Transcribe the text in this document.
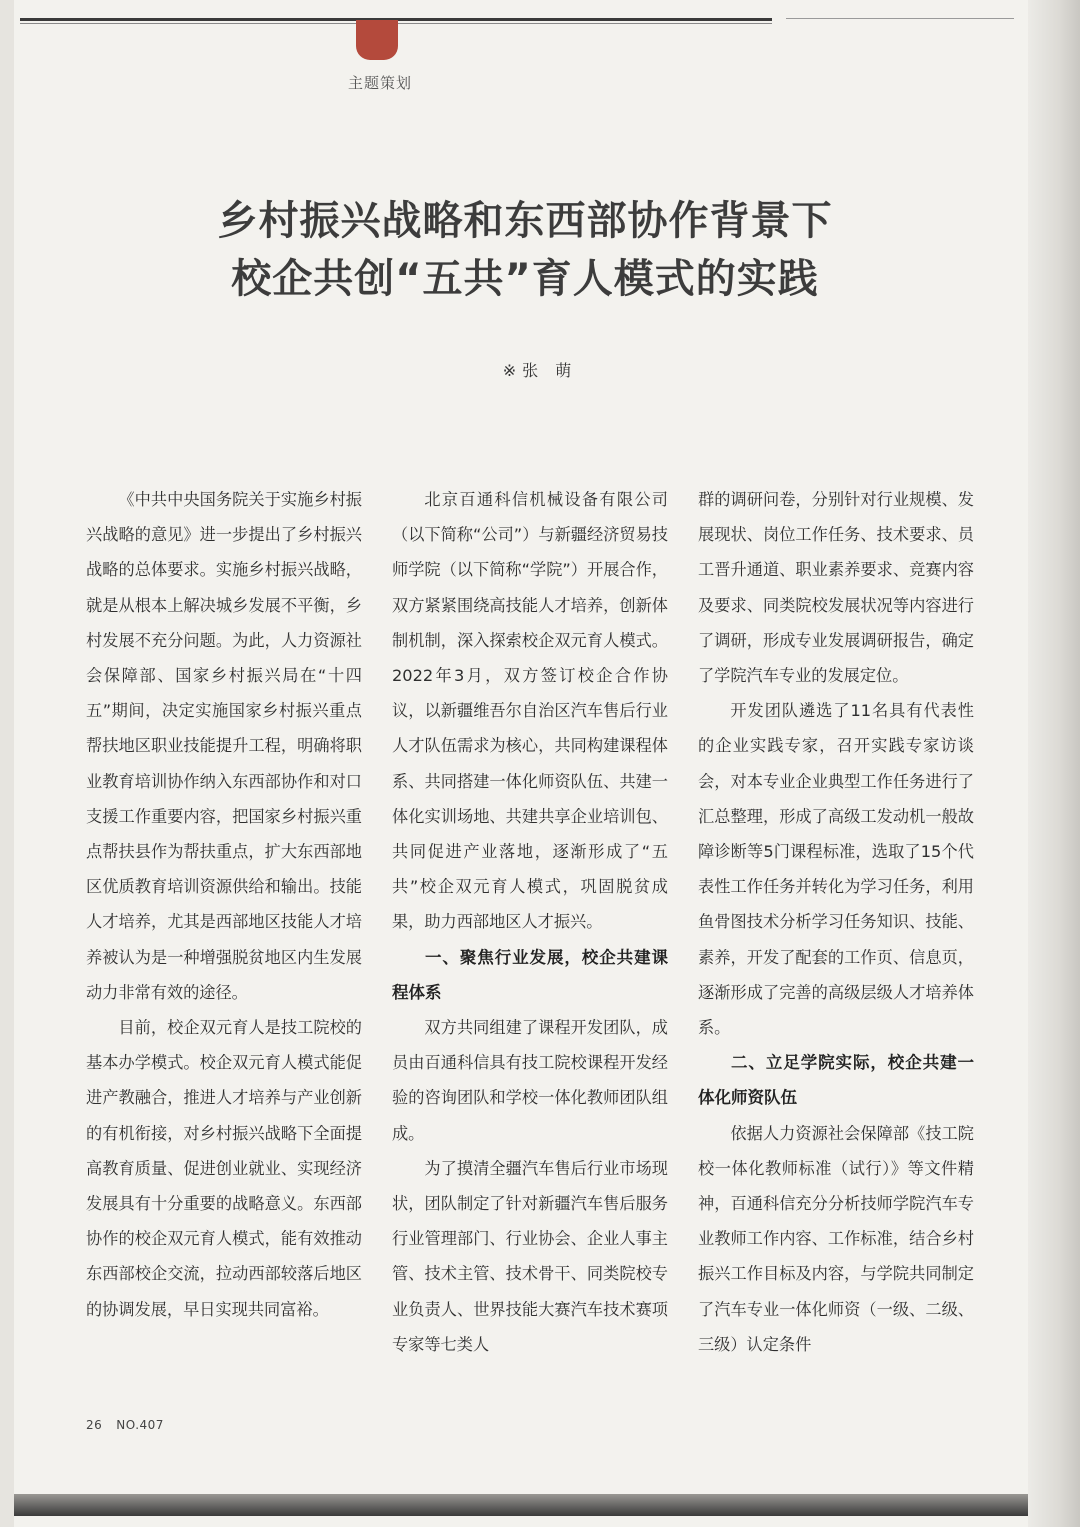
主题策划
乡村振兴战略和东西部协作背景下
校企共创“五共”育人模式的实践
※张 萌

《中共中央国务院关于实施乡村振兴战略的意见》进一步提出了乡村振兴战略的总体要求。实施乡村振兴战略，就是从根本上解决城乡发展不平衡，乡村发展不充分问题。为此，人力资源社会保障部、国家乡村振兴局在“十四五”期间，决定实施国家乡村振兴重点帮扶地区职业技能提升工程，明确将职业教育培训协作纳入东西部协作和对口支援工作重要内容，把国家乡村振兴重点帮扶县作为帮扶重点，扩大东西部地区优质教育培训资源供给和输出。技能人才培养，尤其是西部地区技能人才培养被认为是一种增强脱贫地区内生发展动力非常有效的途径。

目前，校企双元育人是技工院校的基本办学模式。校企双元育人模式能促进产教融合，推进人才培养与产业创新的有机衔接，对乡村振兴战略下全面提高教育质量、促进创业就业、实现经济发展具有十分重要的战略意义。东西部协作的校企双元育人模式，能有效推动东西部校企交流，拉动西部较落后地区的协调发展，早日实现共同富裕。

北京百通科信机械设备有限公司（以下简称“公司”）与新疆经济贸易技师学院（以下简称“学院”）开展合作，双方紧紧围绕高技能人才培养，创新体制机制，深入探索校企双元育人模式。2022年3月，双方签订校企合作协议，以新疆维吾尔自治区汽车售后行业人才队伍需求为核心，共同构建课程体系、共同搭建一体化师资队伍、共建一体化实训场地、共建共享企业培训包、共同促进产业落地，逐渐形成了“五共”校企双元育人模式，巩固脱贫成果，助力西部地区人才振兴。

一、聚焦行业发展，校企共建课程体系

双方共同组建了课程开发团队，成员由百通科信具有技工院校课程开发经验的咨询团队和学校一体化教师团队组成。

为了摸清全疆汽车售后行业市场现状，团队制定了针对新疆汽车售后服务行业管理部门、行业协会、企业人事主管、技术主管、技术骨干、同类院校专业负责人、世界技能大赛汽车技术赛项专家等七类人

群的调研问卷，分别针对行业规模、发展现状、岗位工作任务、技术要求、员工晋升通道、职业素养要求、竞赛内容及要求、同类院校发展状况等内容进行了调研，形成专业发展调研报告，确定了学院汽车专业的发展定位。

开发团队遴选了11名具有代表性的企业实践专家，召开实践专家访谈会，对本专业企业典型工作任务进行了汇总整理，形成了高级工发动机一般故障诊断等5门课程标准，选取了15个代表性工作任务并转化为学习任务，利用鱼骨图技术分析学习任务知识、技能、素养，开发了配套的工作页、信息页，逐渐形成了完善的高级层级人才培养体系。

二、立足学院实际，校企共建一体化师资队伍

依据人力资源社会保障部《技工院校一体化教师标准（试行）》等文件精神，百通科信充分分析技师学院汽车专业教师工作内容、工作标准，结合乡村振兴工作目标及内容，与学院共同制定了汽车专业一体化师资（一级、二级、三级）认定条件

26 NO.407
